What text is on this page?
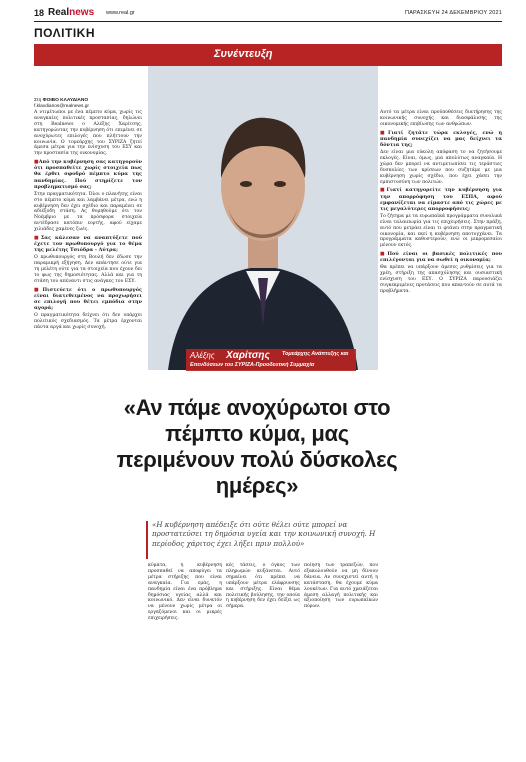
18 Realnews www.real.gr	ΠΑΡΑΣΚΕΥΗ 24 ΔΕΚΕΜΒΡΙΟΥ 2021
ΠΟΛΙΤΙΚΗ
Συνέντευξη
Αλέξης Χαρίτσης Τομεάρχης Ανάπτυξης και
Επενδύσεων του ΣΥΡΙΖΑ-Προοδευτική Συμμαχία
Στη ΦΟΙΒΟ ΚΛΑΥΔΙΑΝΟ
f.klavdianos@realnews.gr

Α ντιμέτωποι με ένα πέμπτο κύμα, χωρίς τις αναγκαίες πολιτικές προστασίας, δηλώνει στη Realnews ο Αλέξης Χαρίτσης, κατηγορώντας την κυβέρνηση ότι επιμένει σε ανοχύρωτες επιλογές που πλήττουν την κοινωνία. Ο τομεάρχης του ΣΥΡΙΖΑ ζητεί άμεσα μέτρα για την ενίσχυση του ΕΣΥ και την προστασία της οικονομίας.

■ Από την κυβέρνηση σας κατηγορούν ότι προσπαθείτε χωρίς στοιχεία πως θα έρθει σφοδρό πέμπτο κύμα της πανδημίας. Πού στηρίζετε τον προβληματισμό σας;

Στην πραγματικότητα. Όλοι ο πλανήτης είναι στο πέμπτο κύμα και λαμβάνει μέτρα, ενώ η κυβέρνηση δεν έχει σχέδιο και παραμένει σε αδιέξοδη στάση. Ας θυμηθούμε ότι τον Νοέμβριο με τα πρόσφορα στοιχεία αντέδρασε κατόπιν εορτής, αφού είχαμε χιλιάδες χαμένες ζωές.

■ Σας κάλεσαν να αναπτύξετε πού έχετε τον πρωθυπουργό για το θέμα της μελέτης Τσιόδρα - Λύτρα;

Ο πρωθυπουργός στη Βουλή δεν έδωσε την παραμικρή εξήγηση. Δεν απάντησε ούτε για τη μελέτη ούτε για τα στοιχεία που έχουν δει το φως της δημοσιότητας. Αλλά και για τη στάση του απέναντι στις ανάγκες του ΕΣΥ.

■ Πιστεύετε ότι ο πρωθυπουργός είναι διατεθειμένος να προχωρήσει σε επιλογή που θέτει εμπόδια στην αγορά;

Ο πραγματικότητα δείχνει ότι δεν υπάρχει πολιτικός σχεδιασμός. Τα μέτρα έρχονται πάντα αργά και χωρίς συνοχή.

Αυτό τα μέτρα είναι προϋποθέσεις διατήρησης της κοινωνικής συνοχής και διασφάλισης της οικονομικής επιβίωσης των ανθρώπων.

■ Γιατί ζητάτε τώρα εκλογές, ενώ η πανδημία συνεχίζει να μας δείχνει τα δόντια της;

Δεν είναι μια εύκολη απόφαση το να ζητήσουμε εκλογές. Είναι, όμως, μια απολύτως αναγκαία. Η χώρα δεν μπορεί να αντιμετωπίσει τις τεράστιες δυσκολίες των κρίσεων που συζητάμε με μια κυβέρνηση χωρίς σχέδιο, που έχει χάσει την εμπιστοσύνη των πολιτών.

■ Γιατί κατηγορείτε την κυβέρνηση για την απορρόφηση του ΕΣΠΑ, αφού εμφανίζεται να είμαστε από τις χώρες με τις μεγαλύτερες απορροφήσεις;

Το ζήτημα με τα ευρωπαϊκά προγράμματα συνολικά είναι ταλαιπωρία για τις επιχειρήσεις. Στην πράξη, αυτό που μετράει είναι τι φτάνει στην πραγματική οικονομία, και εκεί η κυβέρνηση αποτυγχάνει. Τα προγράμματα καθυστερούν, ενώ οι μικρομεσαίοι μένουν εκτός.

■ Πού είναι οι βασικές πολιτικές που επιλέγονται για να σωθεί η οικονομία;

Θα πρέπει να υπάρξουν άμεσες ρυθμίσεις για τα χρέη, στήριξη της απασχόλησης και ουσιαστική ενίσχυση του ΕΣΥ. Ο ΣΥΡΙΖΑ παρουσιάζει συγκεκριμένες προτάσεις που απαντούν σε αυτά τα προβλήματα.

«Αν πάμε ανοχύρωτοι στο πέμπτο κύμα, μας περιμένουν πολύ δύσκολες ημέρες»
«Η κυβέρνηση απέδειξε ότι ούτε θέλει ούτε μπορεί να προστατεύσει τη δημόσια υγεία και την κοινωνική συνοχή. Η περίοδος χάριτος έχει λήξει πριν πολλού»
κύματα, η κυβέρνηση προσπαθεί να αποφύγει τα μέτρα στήριξης που είναι αναγκαία. Για εμάς, η πανδημία είναι ένα πρόβλημα δημόσιας υγείας αλλά και κοινωνικό. Δεν είναι δυνατόν να μένουν χωρίς μέτρα οι εργαζόμενοι και οι μικρές επιχειρήσεις.
κές τάσεις, ο όγκος των πληρωμών αυξάνεται. Αυτό σημαίνει ότι πρέπει να υπάρξουν μέτρα ελάφρυνσης και στήριξης. Είναι θέμα πολιτικής βούλησης, την οποία η κυβέρνηση δεν έχει δείξει ως σήμερα.
ποίηση των τραπεζών, που εξακολουθούν να μη δίνουν δάνεια. Αν συνεχιστεί αυτή η κατάσταση, θα έχουμε κύμα λουκέτων. Για αυτό χρειάζεται άμεση αλλαγή πολιτικής και αξιοποίηση των ευρωπαϊκών πόρων.
